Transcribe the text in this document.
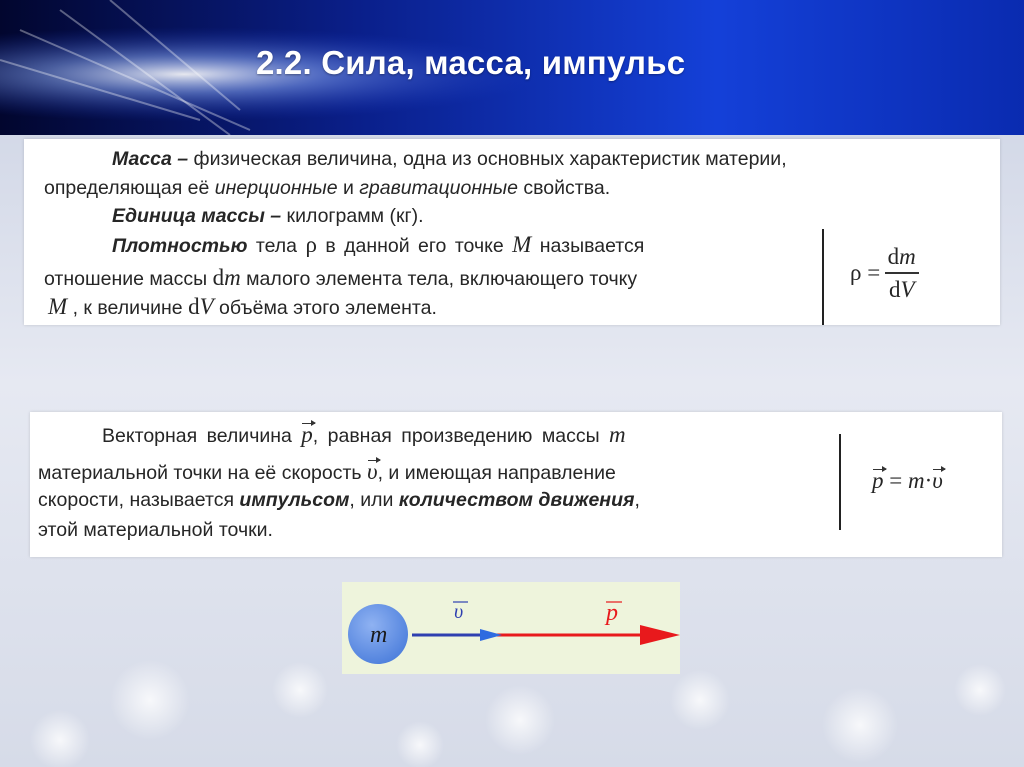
2.2. Сила, масса, импульс
Масса – физическая величина, одна из основных характеристик материи,
определяющая её инерционные и гравитационные свойства.
Единица массы – килограмм (кг).
Плотностью тела ρ в данной его точке M называется
отношение массы dm малого элемента тела, включающего точку
M , к величине dV объёма этого элемента.
$\rho = \frac{dm}{dV}$
Векторная величина p, равная произведению массы m
материальной точки на её скорость υ, и имеющая направление
скорости, называется импульсом, или количеством движения,
этой материальной точки.
p = m·υ
m
υ	p
